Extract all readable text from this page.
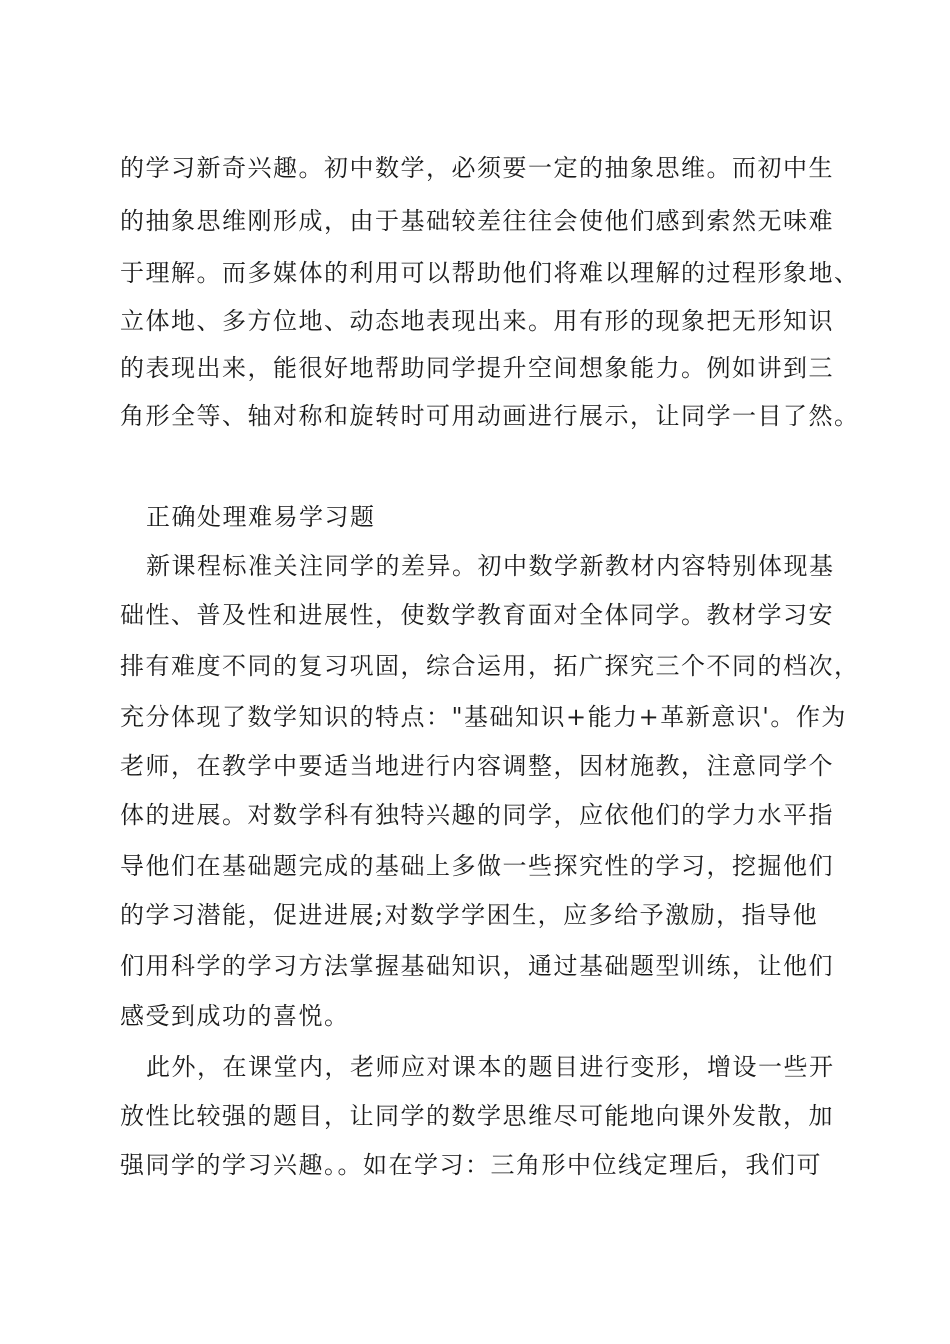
的学习新奇兴趣。初中数学，必须要一定的抽象思维。而初中生
的抽象思维刚形成，由于基础较差往往会使他们感到索然无味难
于理解。而多媒体的利用可以帮助他们将难以理解的过程形象地、
立体地、多方位地、动态地表现出来。用有形的现象把无形知识
的表现出来，能很好地帮助同学提升空间想象能力。例如讲到三
角形全等、轴对称和旋转时可用动画进行展示，让同学一目了然。
正确处理难易学习题
新课程标准关注同学的差异。初中数学新教材内容特别体现基
础性、普及性和进展性，使数学教育面对全体同学。教材学习安
排有难度不同的复习巩固，综合运用，拓广探究三个不同的档次，
充分体现了数学知识的特点："基础知识+能力+革新意识'。作为
老师，在教学中要适当地进行内容调整，因材施教，注意同学个
体的进展。对数学科有独特兴趣的同学，应依他们的学力水平指
导他们在基础题完成的基础上多做一些探究性的学习，挖掘他们
的学习潜能，促进进展;对数学学困生，应多给予激励，指导他
们用科学的学习方法掌握基础知识，通过基础题型训练，让他们
感受到成功的喜悦。
此外，在课堂内，老师应对课本的题目进行变形，增设一些开
放性比较强的题目，让同学的数学思维尽可能地向课外发散，加
强同学的学习兴趣。。如在学习：三角形中位线定理后，我们可
